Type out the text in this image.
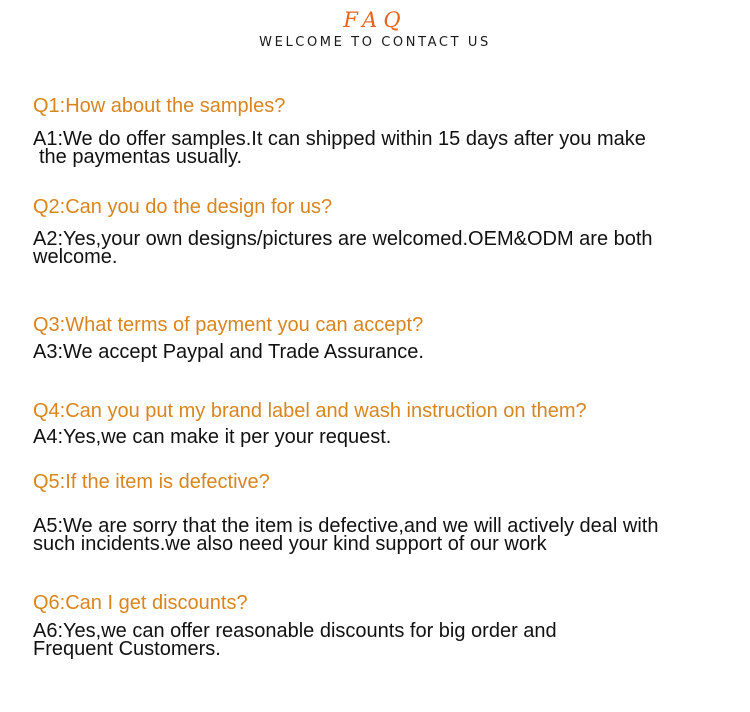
FAQ
WELCOME TO CONTACT US
Q1:How about the samples?
A1:We do offer samples.It can shipped within 15 days after you make
the paymentas usually.
Q2:Can you do the design for us?
A2:Yes,your own designs/pictures are welcomed.OEM&ODM are both
welcome.
Q3:What terms of payment you can accept?
A3:We accept Paypal and Trade Assurance.
Q4:Can you put my brand label and wash instruction on them?
A4:Yes,we can make it per your request.
Q5:If the item is defective?
A5:We are sorry that the item is defective,and we will actively deal with
such incidents.we also need your kind support of our work
Q6:Can I get discounts?
A6:Yes,we can offer reasonable discounts for big order and
Frequent Customers.
